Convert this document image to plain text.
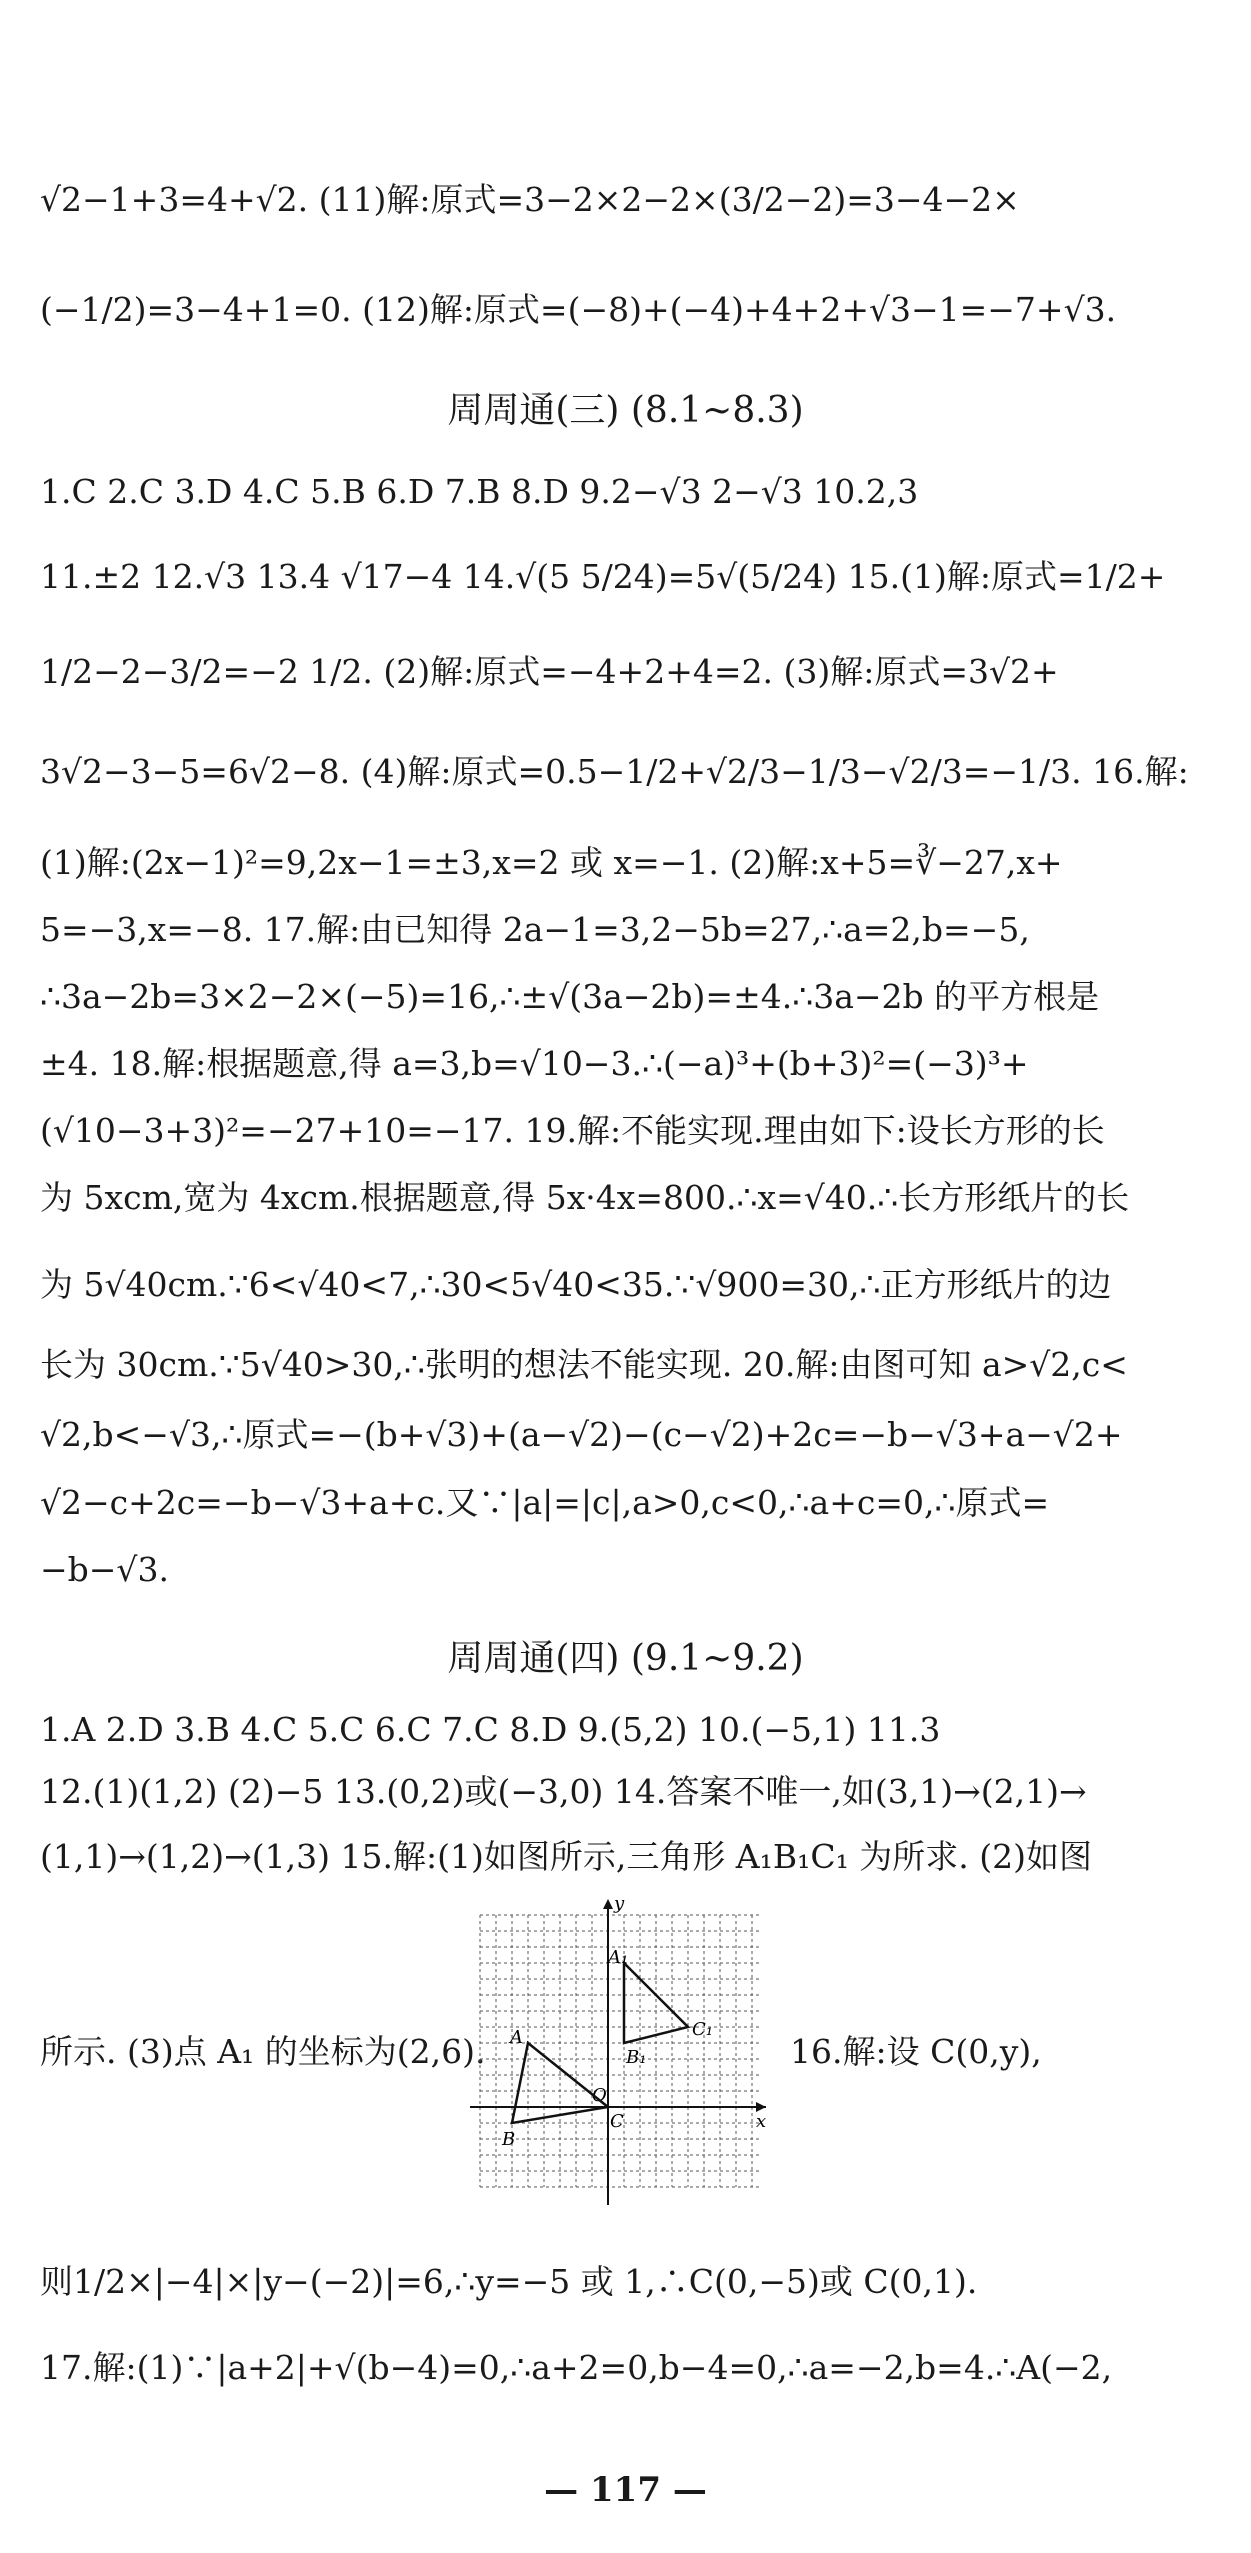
√2−1+3=4+√2. (11)解:原式=3−2×2−2×(3/2−2)=3−4−2×
(−1/2)=3−4+1=0. (12)解:原式=(−8)+(−4)+4+2+√3−1=−7+√3.
周周通(三) (8.1~8.3)
1.C 2.C 3.D 4.C 5.B 6.D 7.B 8.D 9.2−√3 2−√3 10.2,3
11.±2 12.√3 13.4 √17−4 14.√(5 5/24)=5√(5/24) 15.(1)解:原式=1/2+
1/2−2−3/2=−2 1/2. (2)解:原式=−4+2+4=2. (3)解:原式=3√2+
3√2−3−5=6√2−8. (4)解:原式=0.5−1/2+√2/3−1/3−√2/3=−1/3. 16.解:
(1)解:(2x−1)²=9,2x−1=±3,x=2 或 x=−1. (2)解:x+5=∛−27,x+
5=−3,x=−8. 17.解:由已知得 2a−1=3,2−5b=27,∴a=2,b=−5,
∴3a−2b=3×2−2×(−5)=16,∴±√(3a−2b)=±4.∴3a−2b 的平方根是
±4. 18.解:根据题意,得 a=3,b=√10−3.∴(−a)³+(b+3)²=(−3)³+
(√10−3+3)²=−27+10=−17. 19.解:不能实现.理由如下:设长方形的长
为 5xcm,宽为 4xcm.根据题意,得 5x·4x=800.∴x=√40.∴长方形纸片的长
为 5√40cm.∵6<√40<7,∴30<5√40<35.∵√900=30,∴正方形纸片的边
长为 30cm.∵5√40>30,∴张明的想法不能实现. 20.解:由图可知 a>√2,c<
√2,b<−√3,∴原式=−(b+√3)+(a−√2)−(c−√2)+2c=−b−√3+a−√2+
√2−c+2c=−b−√3+a+c.又∵|a|=|c|,a>0,c<0,∴a+c=0,∴原式=
−b−√3.
周周通(四) (9.1~9.2)
1.A 2.D 3.B 4.C 5.C 6.C 7.C 8.D 9.(5,2) 10.(−5,1) 11.3
12.(1)(1,2) (2)−5 13.(0,2)或(−3,0) 14.答案不唯一,如(3,1)→(2,1)→
(1,1)→(1,2)→(1,3) 15.解:(1)如图所示,三角形 A₁B₁C₁ 为所求. (2)如图
所示. (3)点 A₁ 的坐标为(2,6).	16.解:设 C(0,y),
x
y
O
A
B
C
A₁
B₁
C₁
则1/2×|−4|×|y−(−2)|=6,∴y=−5 或 1,∴C(0,−5)或 C(0,1).
17.解:(1)∵|a+2|+√(b−4)=0,∴a+2=0,b−4=0,∴a=−2,b=4.∴A(−2,
— 117 —
